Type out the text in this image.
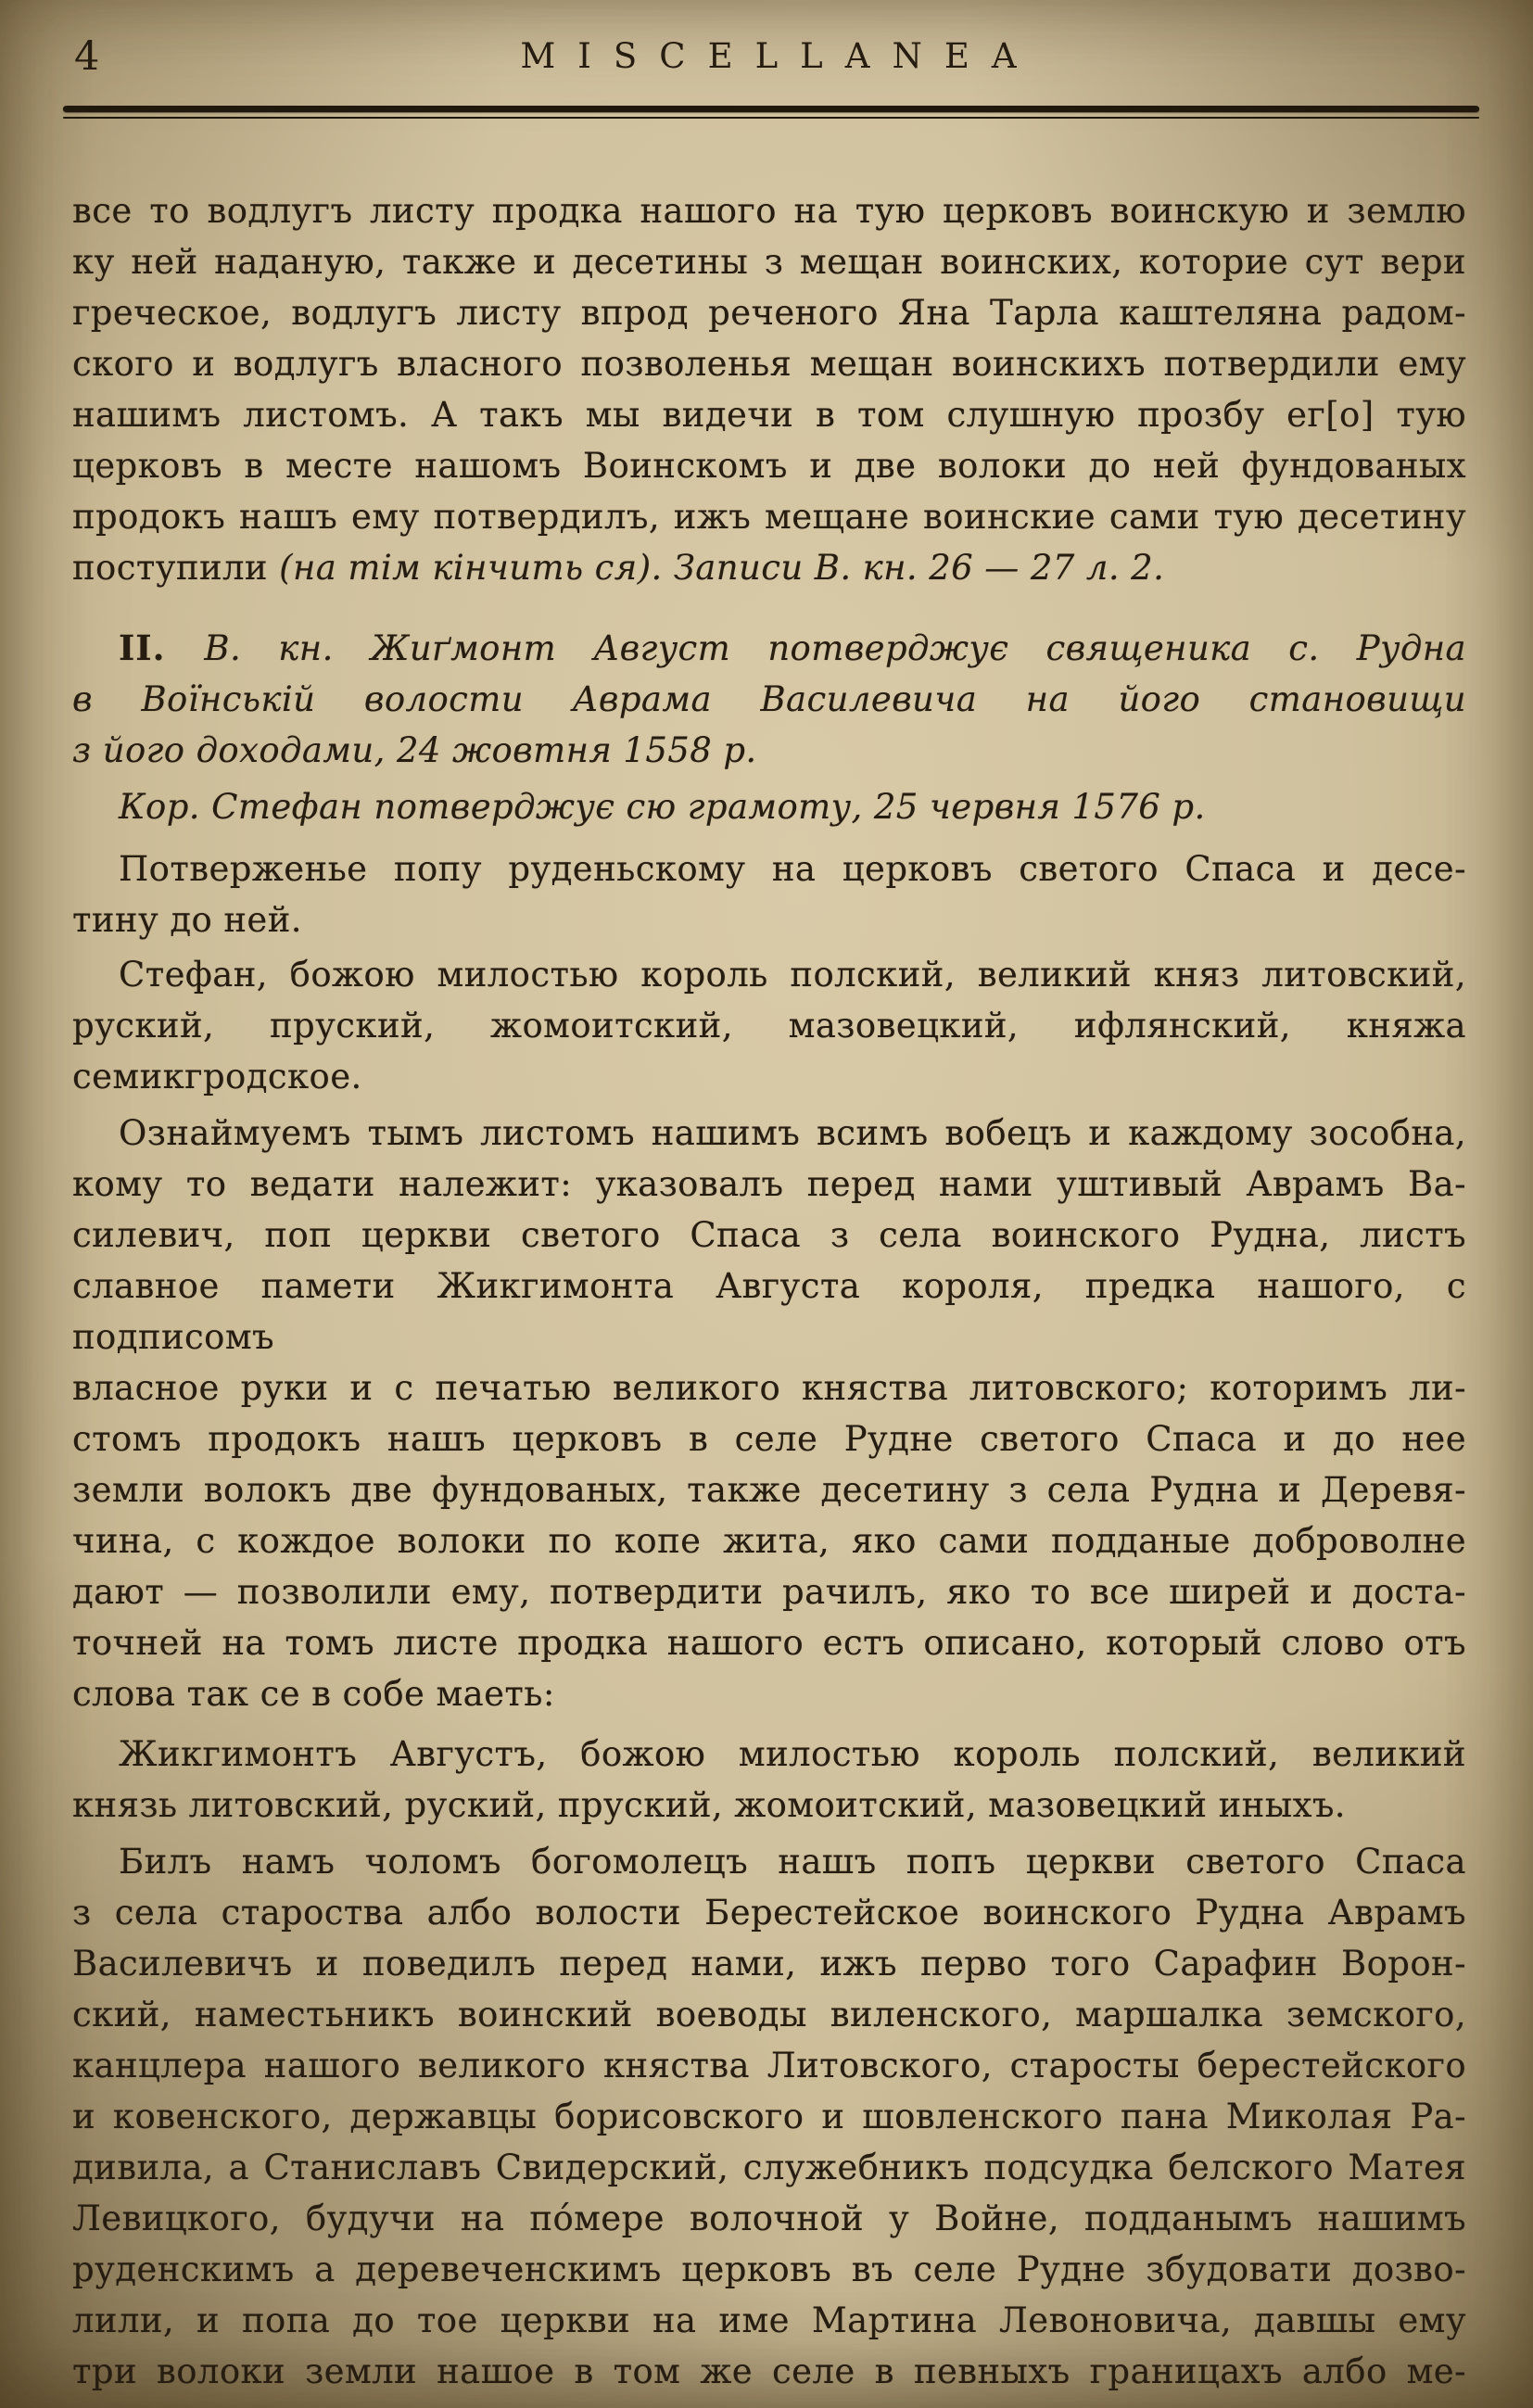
4	MISCELLANEA
все то водлугъ листу продка нашого на тую церковъ воинскую и землю
ку ней наданую, также и десетины з мещан воинских, которие сут вери
греческое, водлугъ листу впрод реченого Яна Тарла каштеляна радом-
ского и водлугъ власного позволенья мещан воинскихъ потвердили ему
нашимъ листомъ. А такъ мы видечи в том слушную прозбу ег[о] тую
церковъ в месте нашомъ Воинскомъ и две волоки до ней фундованых
продокъ нашъ ему потвердилъ, ижъ мещане воинские сами тую десетину
поступили (на тім кінчить ся). Записи В. кн. 26 — 27 л. 2.
II. В. кн. Жиґмонт Август потверджує священика с. Рудна
в Воїнській волости Аврама Василевича на його становищи
з його доходами, 24 жовтня 1558 р.
Кор. Стефан потверджує сю грамоту, 25 червня 1576 р.
Потверженье попу руденьскому на церковъ светого Спаса и десе-
тину до ней.
Стефан, божою милостью король полский, великий княз литовский,
руский, пруский, жомоитский, мазовецкий, ифлянский, княжа семикгродское.
Ознаймуемъ тымъ листомъ нашимъ всимъ вобецъ и каждому зособна,
кому то ведати належит: указовалъ перед нами уштивый Аврамъ Ва-
силевич, поп церкви светого Спаса з села воинского Рудна, листъ
славное памети Жикгимонта Августа короля, предка нашого, с подписомъ
власное руки и с печатью великого княства литовского; которимъ ли-
стомъ продокъ нашъ церковъ в селе Рудне светого Спаса и до нее
земли волокъ две фундованых, также десетину з села Рудна и Деревя-
чина, с кождое волоки по копе жита, яко сами подданые доброволне
дают — позволили ему, потвердити рачилъ, яко то все ширей и доста-
точней на томъ листе продка нашого естъ описано, который слово отъ
слова так се в собе маеть:
Жикгимонтъ Августъ, божою милостью король полский, великий
князь литовский, руский, пруский, жомоитский, мазовецкий иныхъ.
Билъ намъ чоломъ богомолецъ нашъ попъ церкви светого Спаса
з села староства албо волости Берестейское воинского Рудна Аврамъ
Василевичъ и поведилъ перед нами, ижъ перво того Сарафин Ворон-
ский, наместьникъ воинский воеводы виленского, маршалка земского,
канцлера нашого великого княства Литовского, старосты берестейского
и ковенского, державцы борисовского и шовленского пана Миколая Ра-
дивила, а Станиславъ Свидерский, служебникъ подсудка белского Матея
Левицкого, будучи на по́мере волочной у Войне, подданымъ нашимъ
руденскимъ а деревеченскимъ церковъ въ селе Рудне збудовати дозво-
лили, и попа до тое церкви на име Мартина Левоновича, давшы ему
три волоки земли нашое в том же селе в певныхъ границахъ албо ме-
